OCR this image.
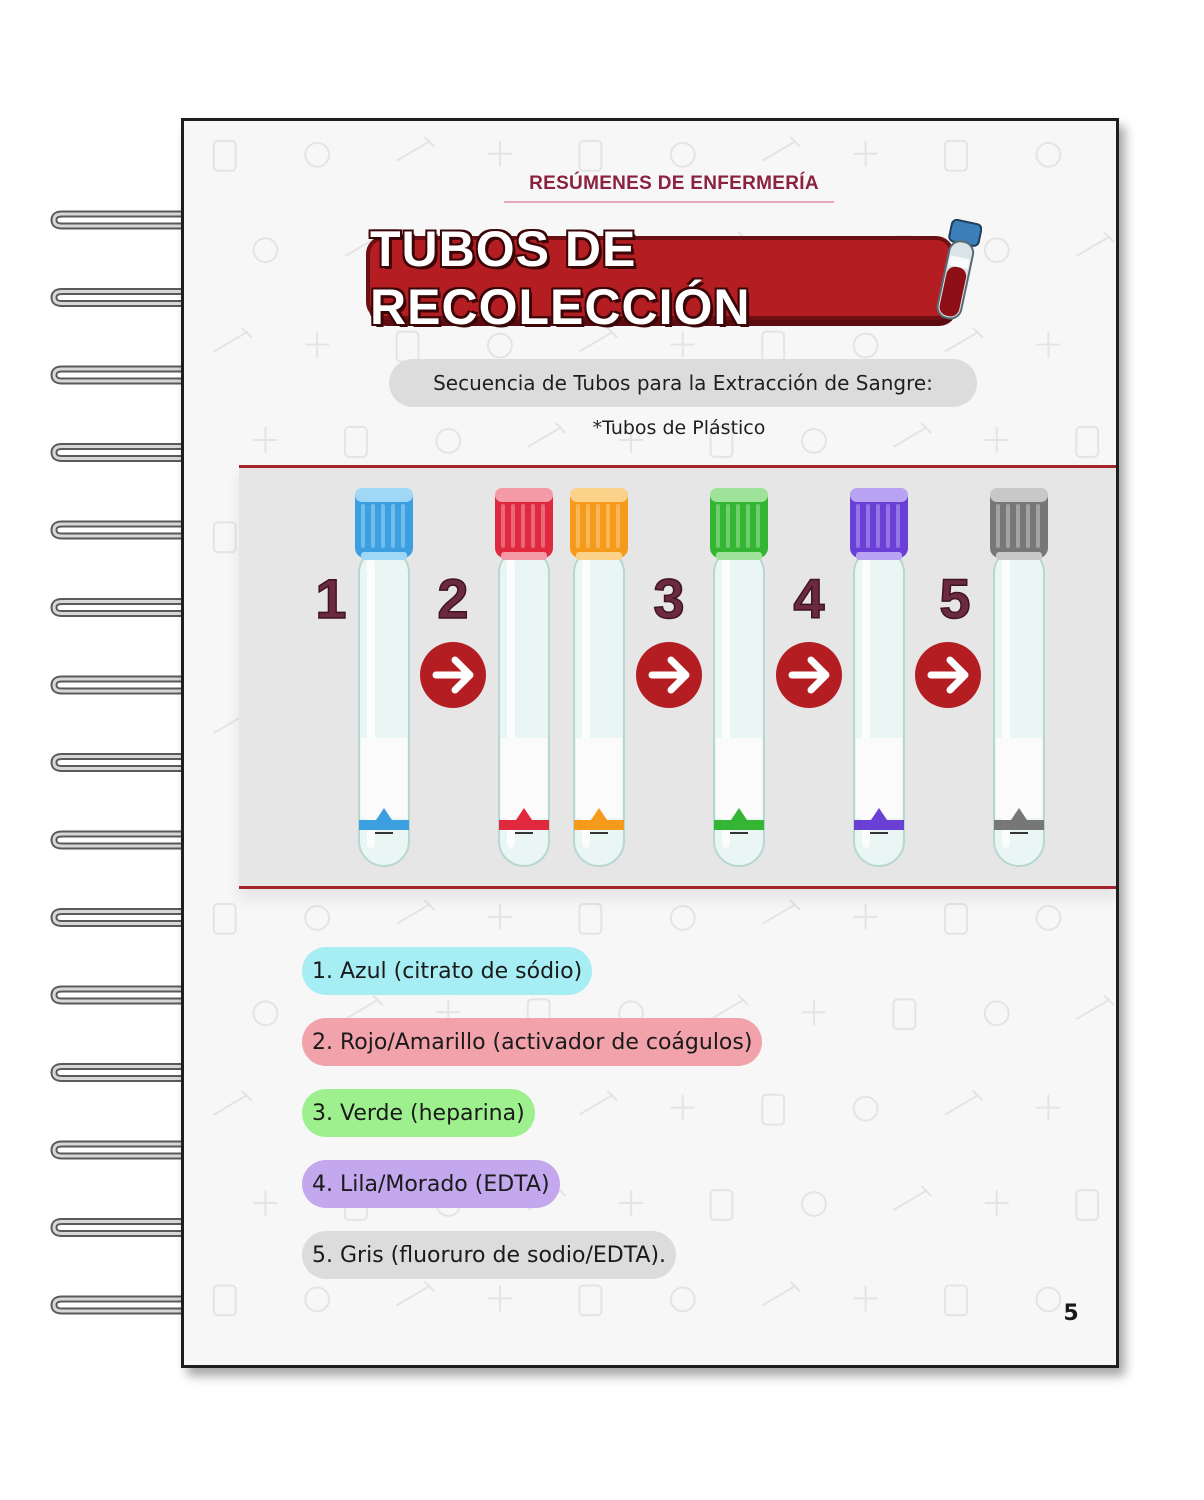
RESÚMENES DE ENFERMERÍA
TUBOS DE RECOLECCIÓN
Secuencia de Tubos para la Extracción de Sangre:
*Tubos de Plástico
1 2	3 4 5
1. Azul (citrato de sódio)
2. Rojo/Amarillo (activador de coágulos)
3. Verde (heparina)
4. Lila/Morado (EDTA)
5. Gris (fluoruro de sodio/EDTA).
5
